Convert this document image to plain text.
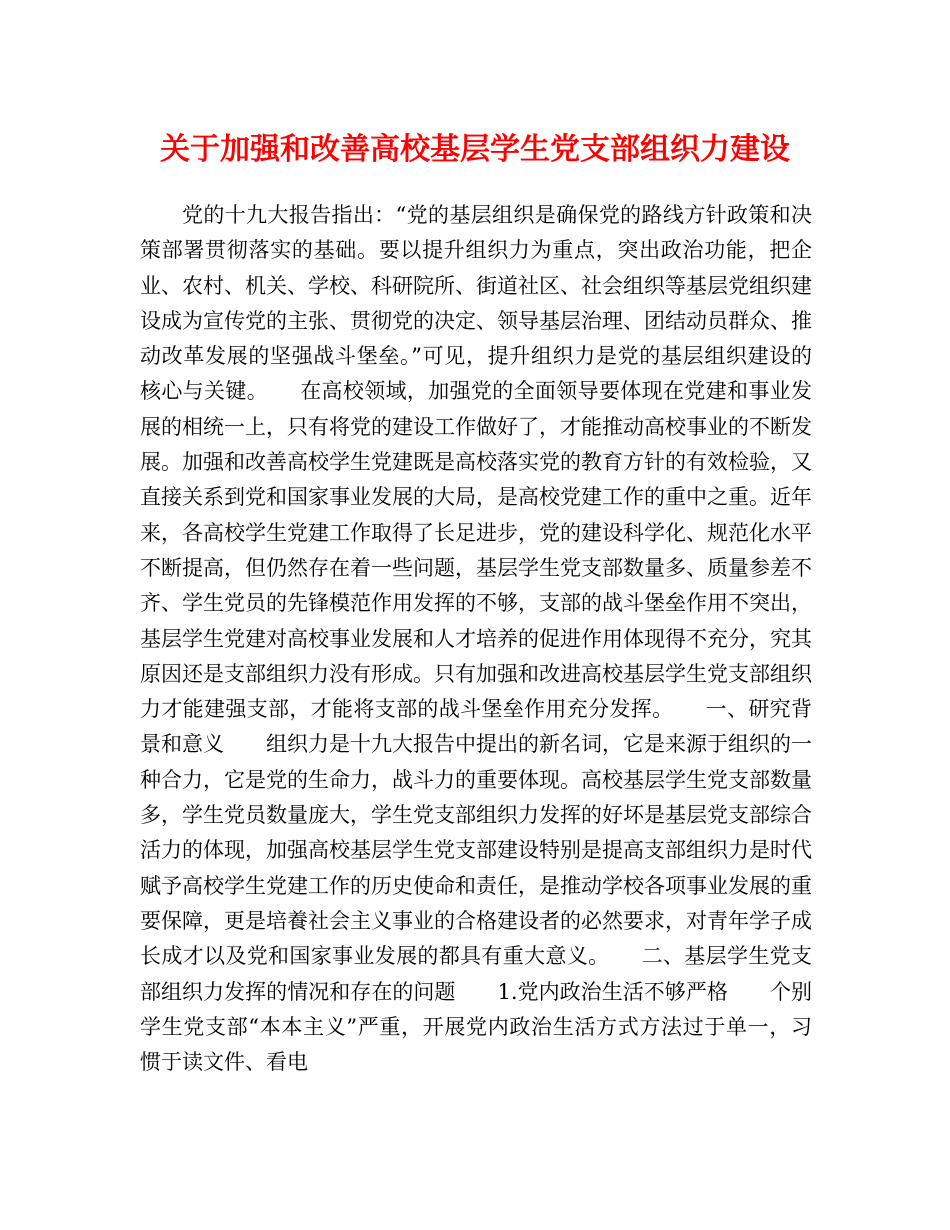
关于加强和改善高校基层学生党支部组织力建设

党的十九大报告指出：“党的基层组织是确保党的路线方针政策和决策部署贯彻落实的基础。要以提升组织力为重点，突出政治功能，把企业、农村、机关、学校、科研院所、街道社区、社会组织等基层党组织建设成为宣传党的主张、贯彻党的决定、领导基层治理、团结动员群众、推动改革发展的坚强战斗堡垒。”可见，提升组织力是党的基层组织建设的核心与关键。　　在高校领域，加强党的全面领导要体现在党建和事业发展的相统一上，只有将党的建设工作做好了，才能推动高校事业的不断发展。加强和改善高校学生党建既是高校落实党的教育方针的有效检验，又直接关系到党和国家事业发展的大局，是高校党建工作的重中之重。近年来，各高校学生党建工作取得了长足进步，党的建设科学化、规范化水平不断提高，但仍然存在着一些问题，基层学生党支部数量多、质量参差不齐、学生党员的先锋模范作用发挥的不够，支部的战斗堡垒作用不突出，基层学生党建对高校事业发展和人才培养的促进作用体现得不充分，究其原因还是支部组织力没有形成。只有加强和改进高校基层学生党支部组织力才能建强支部，才能将支部的战斗堡垒作用充分发挥。　　一、研究背景和意义　　组织力是十九大报告中提出的新名词，它是来源于组织的一种合力，它是党的生命力，战斗力的重要体现。高校基层学生党支部数量多，学生党员数量庞大，学生党支部组织力发挥的好坏是基层党支部综合活力的体现，加强高校基层学生党支部建设特别是提高支部组织力是时代赋予高校学生党建工作的历史使命和责任，是推动学校各项事业发展的重要保障，更是培養社会主义事业的合格建设者的必然要求，对青年学子成长成才以及党和国家事业发展的都具有重大意义。　　二、基层学生党支部组织力发挥的情况和存在的问题　　1.党内政治生活不够严格　　个别学生党支部“本本主义”严重，开展党内政治生活方式方法过于单一，习惯于读文件、看电
